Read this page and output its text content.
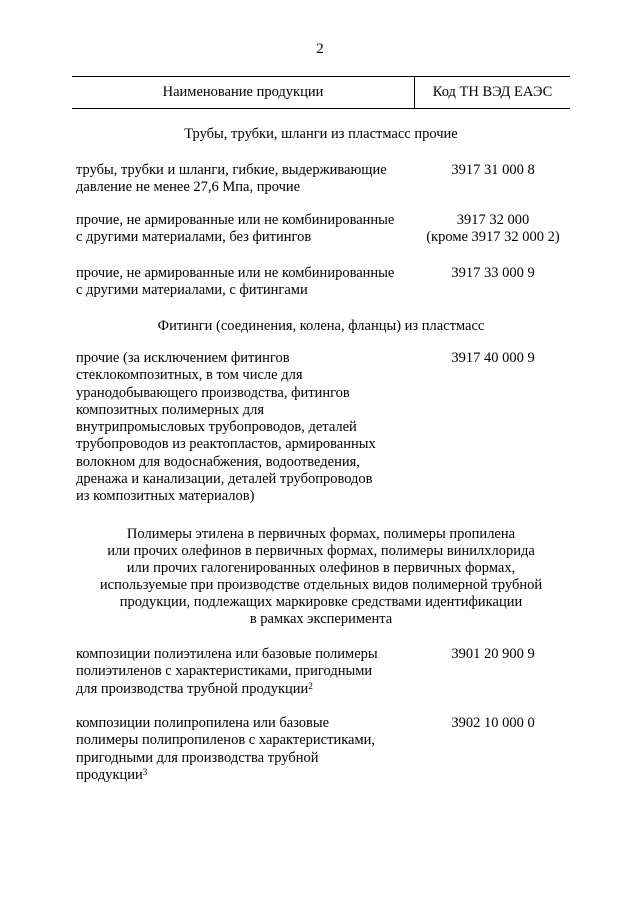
2
Наименование продукции	Код ТН ВЭД ЕАЭС
Трубы, трубки, шланги из пластмасс прочие
трубы, трубки и шланги, гибкие, выдерживающие
давление не менее 27,6 Мпа, прочие
3917 31 000 8
прочие, не армированные или не комбинированные
с другими материалами, без фитингов
3917 32 000
(кроме 3917 32 000 2)
прочие, не армированные или не комбинированные
с другими материалами, с фитингами
3917 33 000 9
Фитинги (соединения, колена, фланцы) из пластмасс
прочие (за исключением фитингов
стеклокомпозитных, в том числе для
уранодобывающего производства, фитингов
композитных полимерных для
внутрипромысловых трубопроводов, деталей
трубопроводов из реактопластов, армированных
волокном для водоснабжения, водоотведения,
дренажа и канализации, деталей трубопроводов
из композитных материалов)
3917 40 000 9
Полимеры этилена в первичных формах, полимеры пропилена
или прочих олефинов в первичных формах, полимеры винилхлорида
или прочих галогенированных олефинов в первичных формах,
используемые при производстве отдельных видов полимерной трубной
продукции, подлежащих маркировке средствами идентификации
в рамках эксперимента
композиции полиэтилена или базовые полимеры
полиэтиленов с характеристиками, пригодными
для производства трубной продукции$^2$
3901 20 900 9
композиции полипропилена или базовые
полимеры полипропиленов с характеристиками,
пригодными для производства трубной
продукции$^3$
3902 10 000 0
